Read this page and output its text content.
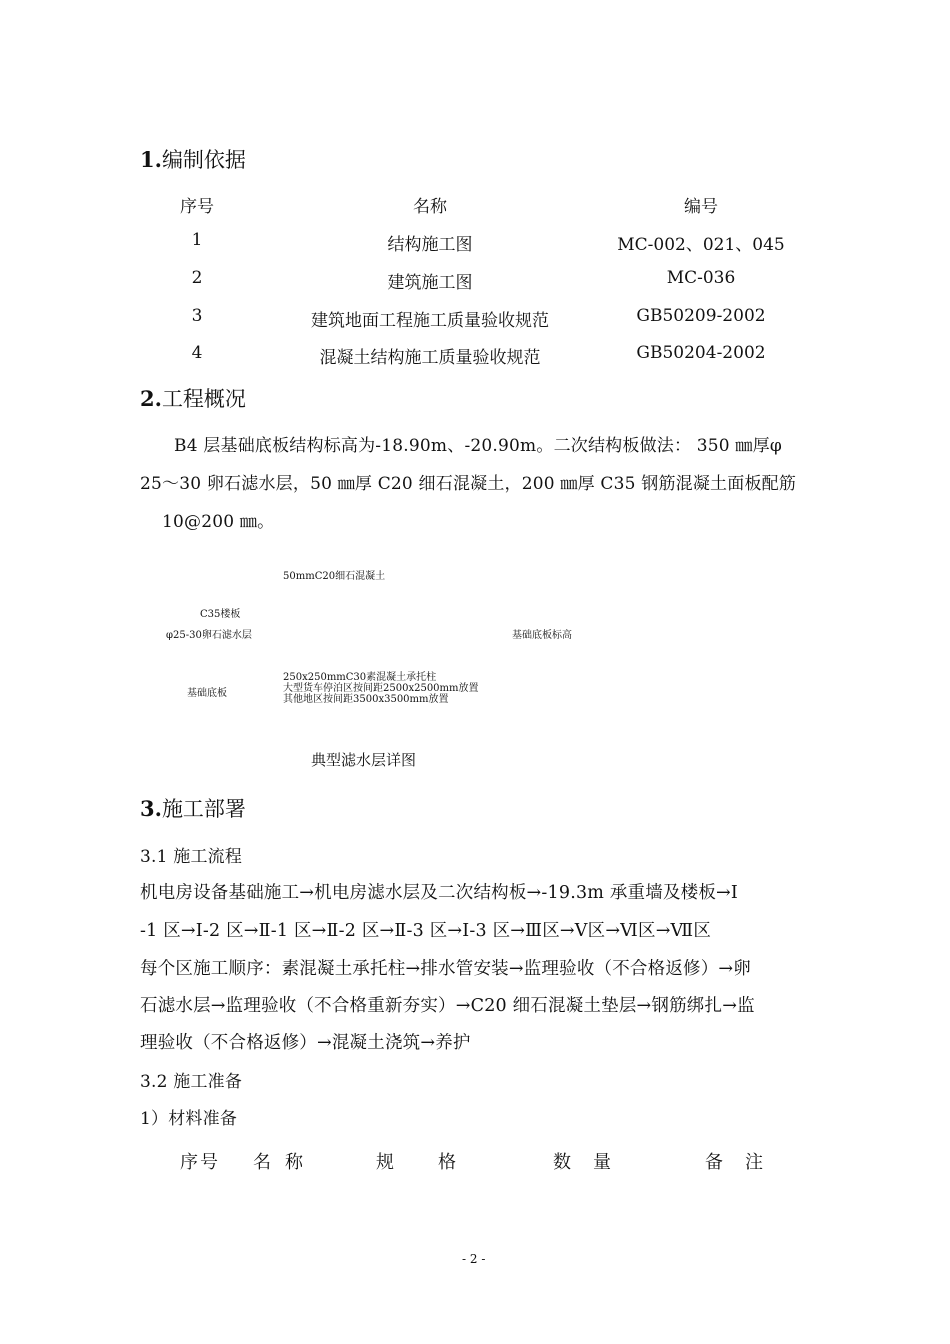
1.编制依据
序号	名称	编号
1	结构施工图	MC-002、021、045
2	建筑施工图	MC-036
3	建筑地面工程施工质量验收规范	GB50209-2002
4	混凝土结构施工质量验收规范	GB50204-2002
2.工程概况
B4 层基础底板结构标高为-18.90m、-20.90m。二次结构板做法： 350 ㎜厚φ
25～30 卵石滤水层，50 ㎜厚 C20 细石混凝土，200 ㎜厚 C35 钢筋混凝土面板配筋
10@200 ㎜。
50mmC20细石混凝土
C35楼板
φ25-30卵石滤水层	基础底板标高
250x250mmC30素混凝土承托柱
大型货车停泊区按间距2500x2500mm放置
其他地区按间距3500x3500mm放置
基础底板
典型滤水层详图
3.施工部署
3.1 施工流程
机电房设备基础施工→机电房滤水层及二次结构板→-19.3m 承重墙及楼板→Ⅰ
-1 区→Ⅰ-2 区→Ⅱ-1 区→Ⅱ-2 区→Ⅱ-3 区→Ⅰ-3 区→Ⅲ区→Ⅴ区→Ⅵ区→Ⅶ区
每个区施工顺序：素混凝土承托柱→排水管安装→监理验收（不合格返修）→卵
石滤水层→监理验收（不合格重新夯实）→C20 细石混凝土垫层→钢筋绑扎→监
理验收（不合格返修）→混凝土浇筑→养护
3.2 施工准备
1）材料准备
序号 名称	规格	数量	备注
- 2 -
